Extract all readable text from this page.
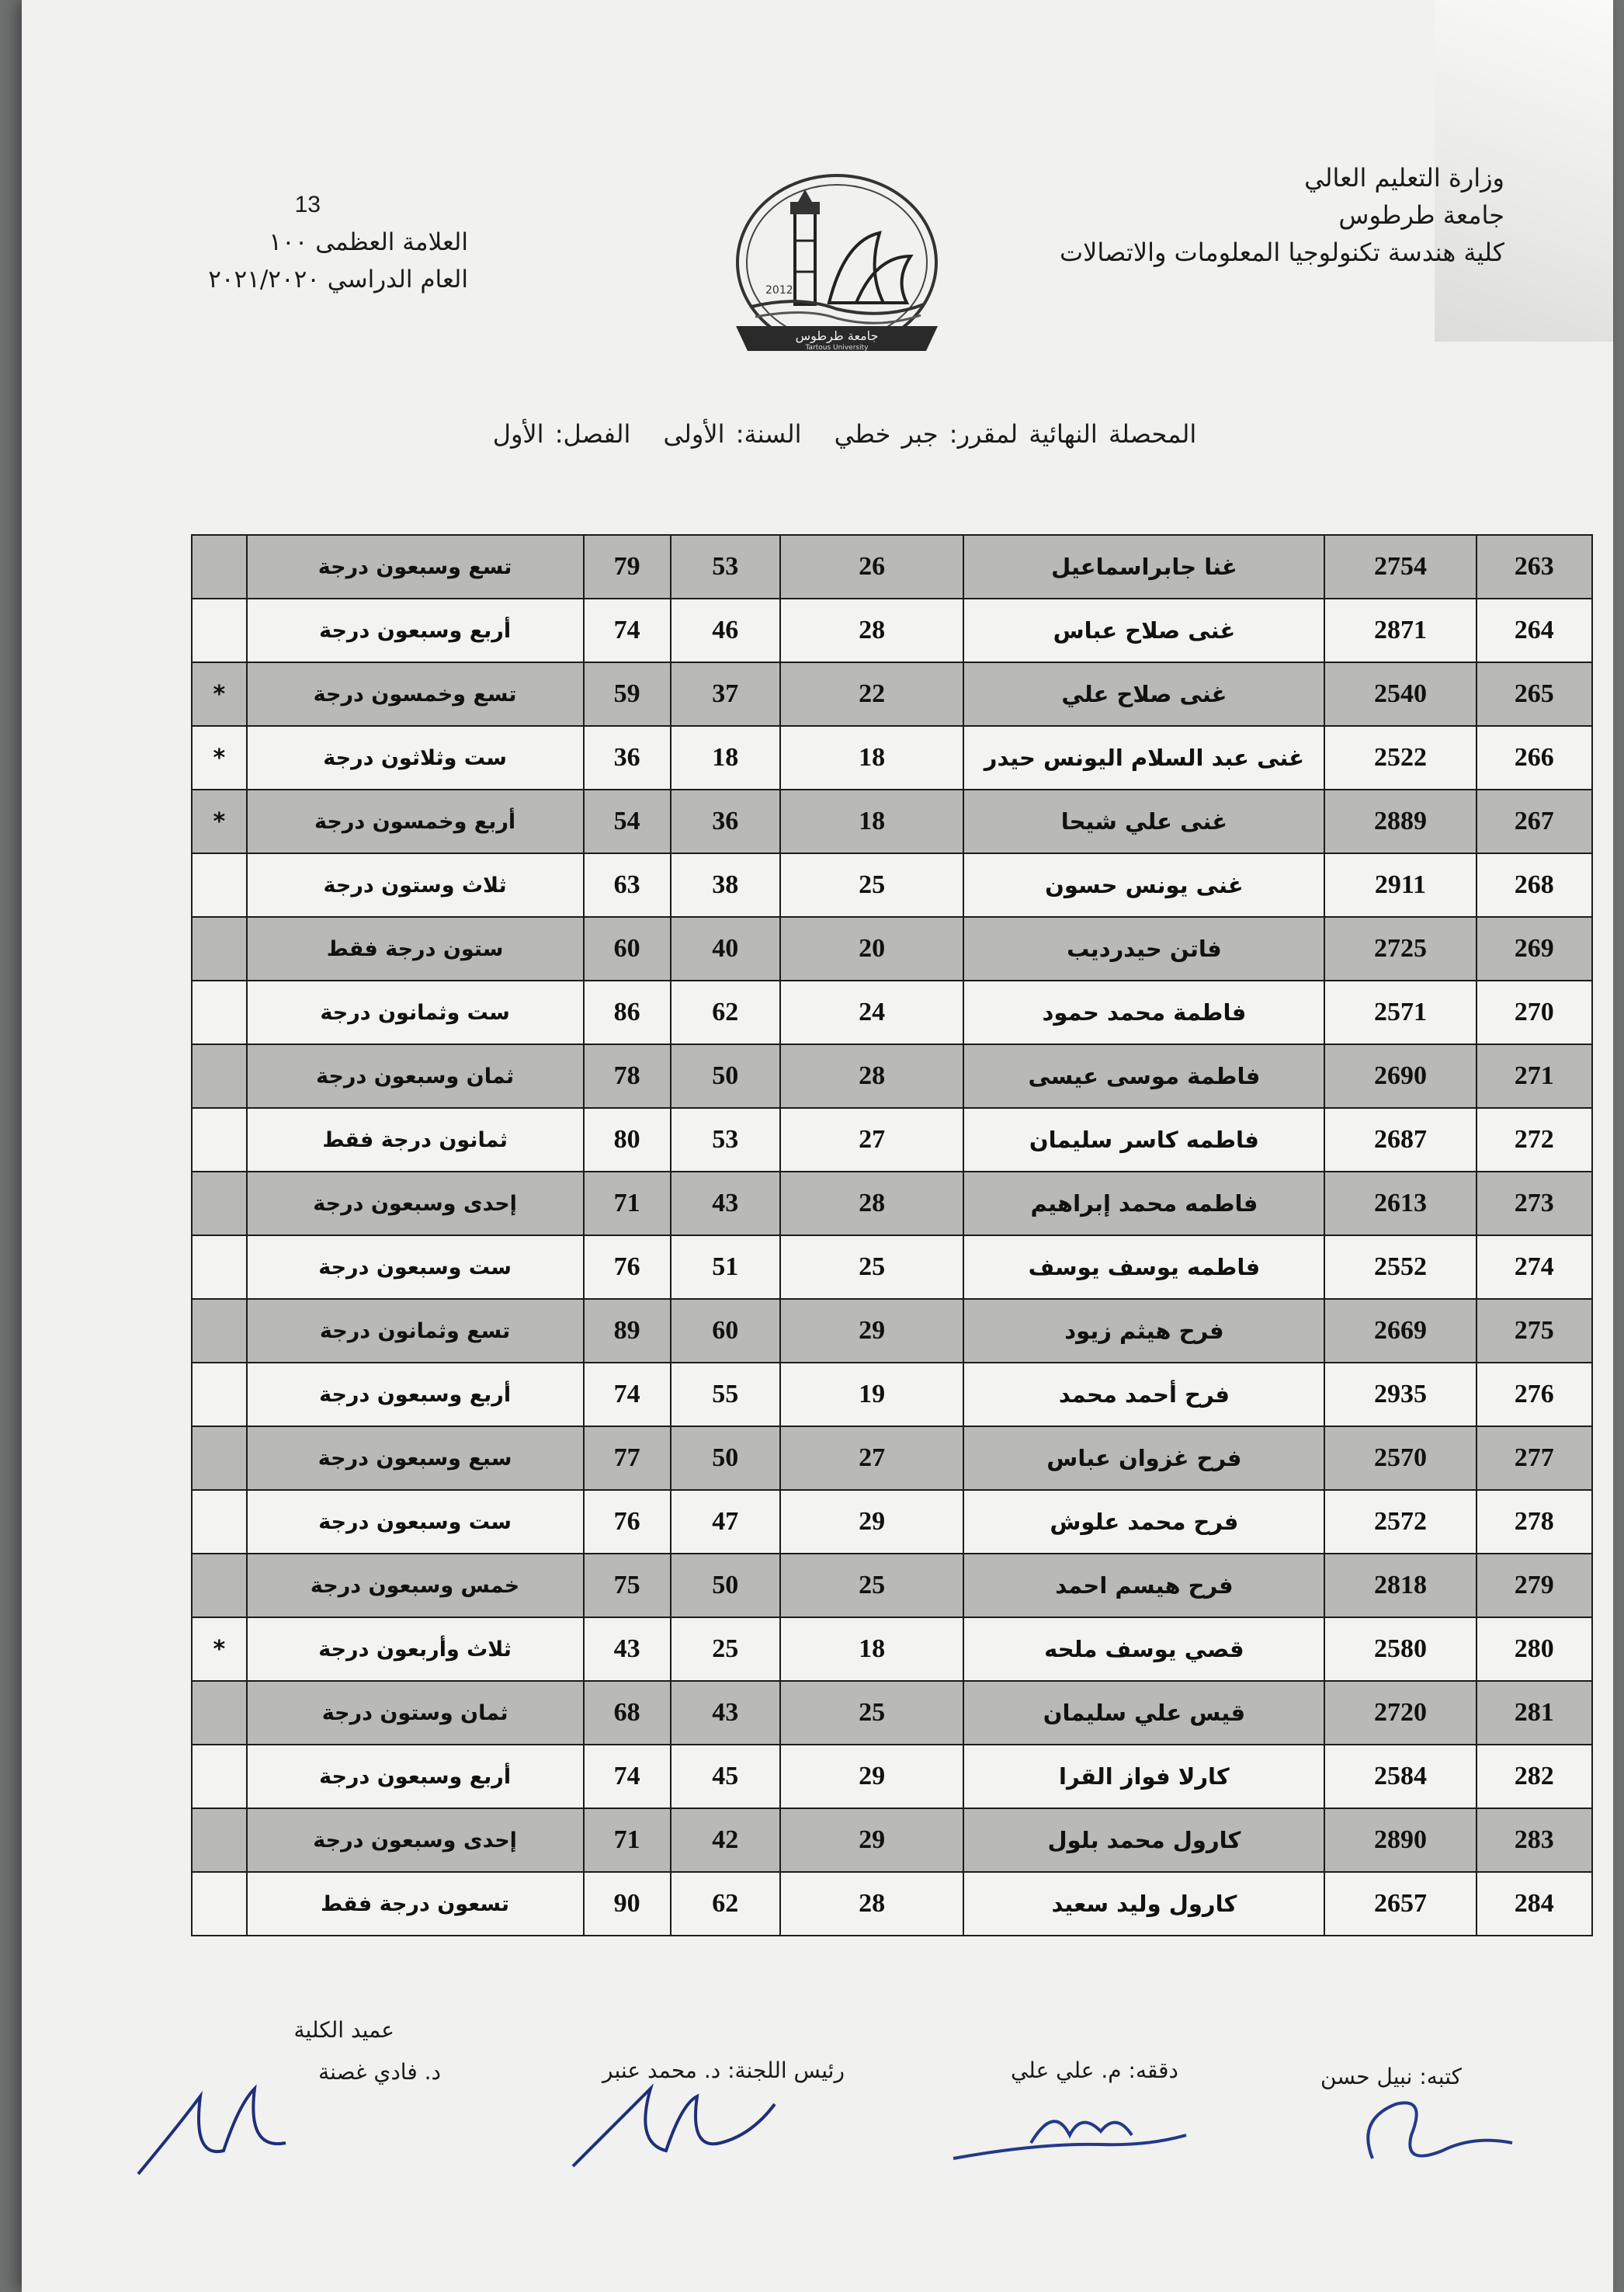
وزارة التعليم العالي
جامعة طرطوس
كلية هندسة تكنولوجيا المعلومات والاتصالات
13
العلامة العظمى ١٠٠
العام الدراسي ٢٠٢١/٢٠٢٠	2012
جامعة طرطوس
Tartous University
المحصلة النهائية لمقرر: جبر خطي السنة: الأولى الفصل: الأول
263	2754	غنا جابراسماعيل	26	53	79	تسع وسبعون درجة	
264	2871	غنى صلاح عباس	28	46	74	أربع وسبعون درجة	
265	2540	غنى صلاح علي	22	37	59	تسع وخمسون درجة	*
266	2522	غنى عبد السلام اليونس حيدر	18	18	36	ست وثلاثون درجة	*
267	2889	غنى علي شيحا	18	36	54	أربع وخمسون درجة	*
268	2911	غنى يونس حسون	25	38	63	ثلاث وستون درجة	
269	2725	فاتن حيدرديب	20	40	60	ستون درجة فقط	
270	2571	فاطمة محمد حمود	24	62	86	ست وثمانون درجة	
271	2690	فاطمة موسى عيسى	28	50	78	ثمان وسبعون درجة	
272	2687	فاطمه كاسر سليمان	27	53	80	ثمانون درجة فقط	
273	2613	فاطمه محمد إبراهيم	28	43	71	إحدى وسبعون درجة	
274	2552	فاطمه يوسف يوسف	25	51	76	ست وسبعون درجة	
275	2669	فرح هيثم زيود	29	60	89	تسع وثمانون درجة	
276	2935	فرح أحمد محمد	19	55	74	أربع وسبعون درجة	
277	2570	فرح غزوان عباس	27	50	77	سبع وسبعون درجة	
278	2572	فرح محمد علوش	29	47	76	ست وسبعون درجة	
279	2818	فرح هيسم احمد	25	50	75	خمس وسبعون درجة	
280	2580	قصي يوسف ملحه	18	25	43	ثلاث وأربعون درجة	*
281	2720	قيس علي سليمان	25	43	68	ثمان وستون درجة	
282	2584	كارلا فواز القرا	29	45	74	أربع وسبعون درجة	
283	2890	كارول محمد بلول	29	42	71	إحدى وسبعون درجة	
284	2657	كارول وليد سعيد	28	62	90	تسعون درجة فقط	
كتبه: نبيل حسن
دققه: م. علي علي
رئيس اللجنة: د. محمد عنبر
عميد الكلية
د. فادي غصنة
